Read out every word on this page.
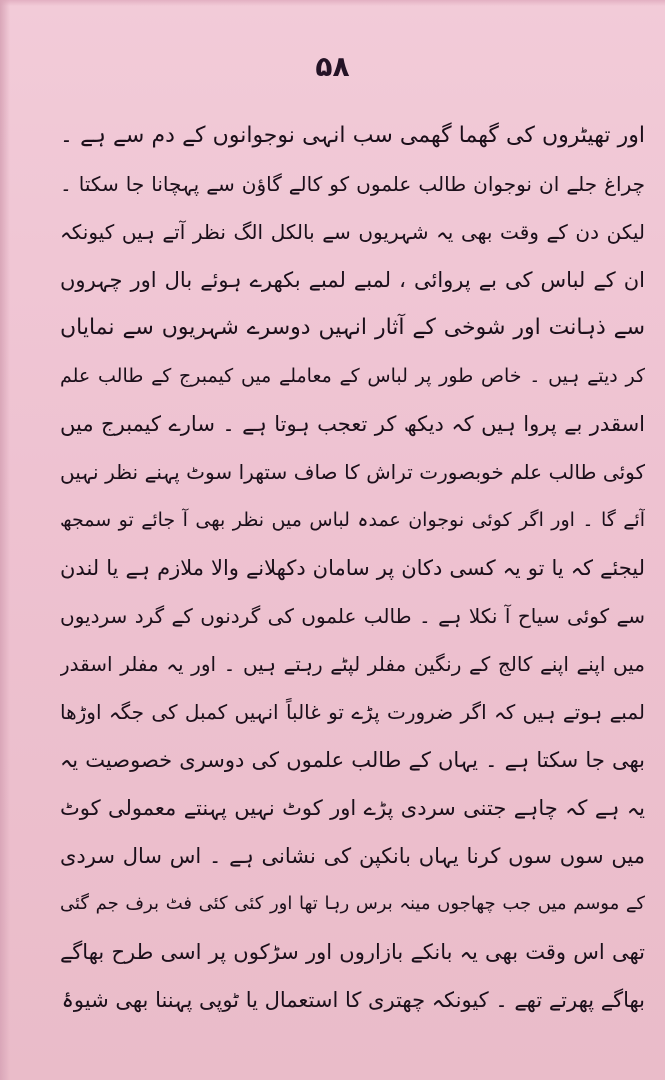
۵۸
اور تھیٹروں کی گھما گھمی سب انہی نوجوانوں کے دم سے ہے ۔
چراغ جلے ان نوجوان طالب علموں کو کالے گاؤن سے پہچانا جا سکتا ۔
لیکن دن کے وقت بھی یہ شہریوں سے بالکل الگ نظر آتے ہیں کیونکہ
ان کے لباس کی بے پروائی ، لمبے لمبے بکھرے ہوئے بال اور چہروں
سے ذہانت اور شوخی کے آثار انہیں دوسرے شہریوں سے نمایاں
کر دیتے ہیں ۔ خاص طور پر لباس کے معاملے میں کیمبرج کے طالب علم
اسقدر بے پروا ہیں کہ دیکھ کر تعجب ہوتا ہے ۔ سارے کیمبرج میں
کوئی طالب علم خوبصورت تراش کا صاف ستھرا سوٹ پہنے نظر نہیں
آئے گا ۔ اور اگر کوئی نوجوان عمدہ لباس میں نظر بھی آ جائے تو سمجھ
لیجئے کہ یا تو یہ کسی دکان پر سامان دکھلانے والا ملازم ہے یا لندن
سے کوئی سیاح آ نکلا ہے ۔ طالب علموں کی گردنوں کے گرد سردیوں
میں اپنے اپنے کالج کے رنگین مفلر لپٹے رہتے ہیں ۔ اور یہ مفلر اسقدر
لمبے ہوتے ہیں کہ اگر ضرورت پڑے تو غالباً انہیں کمبل کی جگہ اوڑھا
بھی جا سکتا ہے ۔ یہاں کے طالب علموں کی دوسری خصوصیت یہ
یہ ہے کہ چاہے جتنی سردی پڑے اور کوٹ نہیں پہنتے معمولی کوٹ
میں سوں سوں کرنا یہاں بانکپن کی نشانی ہے ۔ اس سال سردی
کے موسم میں جب چھاجوں مینہ برس رہا تھا اور کئی کئی فٹ برف جم گئی
تھی اس وقت بھی یہ بانکے بازاروں اور سڑکوں پر اسی طرح بھاگے
بھاگے پھرتے تھے ۔ کیونکہ چھتری کا استعمال یا ٹوپی پہننا بھی شیوۂ
